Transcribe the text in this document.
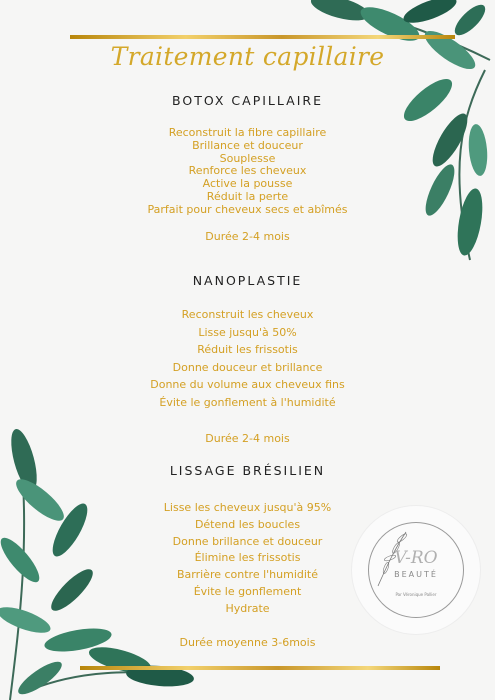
Traitement capillaire
BOTOX CAPILLAIRE
Reconstruit la fibre capillaire
Brillance et douceur
Souplesse
Renforce les cheveux
Active la pousse
Réduit la perte
Parfait pour cheveux secs et abîmés
Durée 2-4 mois
NANOPLASTIE
Reconstruit les cheveux
Lisse jusqu'à 50%
Réduit les frissotis
Donne douceur et brillance
Donne du volume aux cheveux fins
Évite le gonflement à l'humidité
Durée 2-4 mois
LISSAGE BRÉSILIEN
Lisse les cheveux jusqu'à 95%
Détend les boucles
Donne brillance et douceur
Élimine les frissotis
Barrière contre l'humidité
Évite le gonflement
Hydrate
Durée moyenne 3-6mois
V-RO
BEAUTÉ
Par Véronique Pallier
